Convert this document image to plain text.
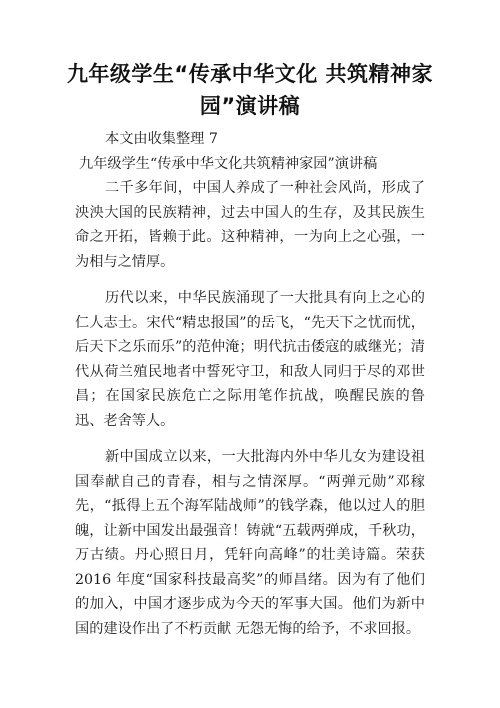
九年级学生“传承中华文化 共筑精神家园”演讲稿

本文由收集整理 7

九年级学生“传承中华文化共筑精神家园”演讲稿

二千多年间，中国人养成了一种社会风尚，形成了泱泱大国的民族精神，过去中国人的生存，及其民族生命之开拓，皆赖于此。这种精神，一为向上之心强，一为相与之情厚。

历代以来，中华民族涌现了一大批具有向上之心的仁人志士。宋代“精忠报国”的岳飞，“先天下之忧而忧，后天下之乐而乐”的范仲淹；明代抗击倭寇的戚继光；清代从荷兰殖民地者中誓死守卫，和敌人同归于尽的邓世昌；在国家民族危亡之际用笔作抗战，唤醒民族的鲁迅、老舍等人。

新中国成立以来，一大批海内外中华儿女为建设祖国奉献自己的青春，相与之情深厚。“两弹元勋”邓稼先，“抵得上五个海军陆战师”的钱学森，他以过人的胆魄，让新中国发出最强音！铸就“五载两弹成，千秋功，万古绩。丹心照日月，凭轩向高峰”的壮美诗篇。荣获 2016 年度“国家科技最高奖”的师昌绪。因为有了他们的加入，中国才逐步成为今天的军事大国。他们为新中国的建设作出了不朽贡献 无怨无悔的给予，不求回报。
